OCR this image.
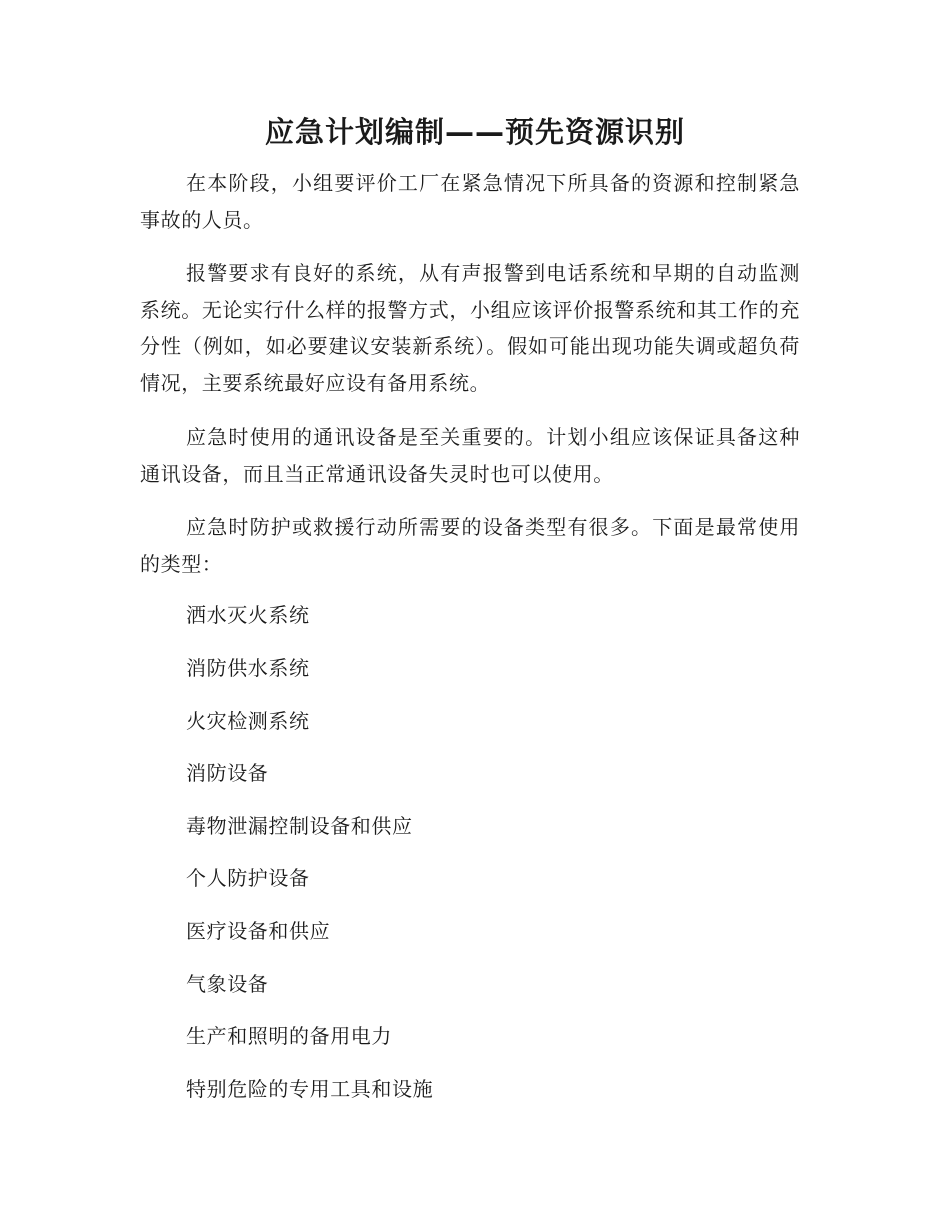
应急计划编制——预先资源识别

在本阶段，小组要评价工厂在紧急情况下所具备的资源和控制紧急事故的人员。

报警要求有良好的系统，从有声报警到电话系统和早期的自动监测系统。无论实行什么样的报警方式，小组应该评价报警系统和其工作的充分性（例如，如必要建议安装新系统）。假如可能出现功能失调或超负荷情况，主要系统最好应设有备用系统。

应急时使用的通讯设备是至关重要的。计划小组应该保证具备这种通讯设备，而且当正常通讯设备失灵时也可以使用。

应急时防护或救援行动所需要的设备类型有很多。下面是最常使用的类型：

洒水灭火系统
消防供水系统
火灾检测系统
消防设备
毒物泄漏控制设备和供应
个人防护设备
医疗设备和供应
气象设备
生产和照明的备用电力
特别危险的专用工具和设施
